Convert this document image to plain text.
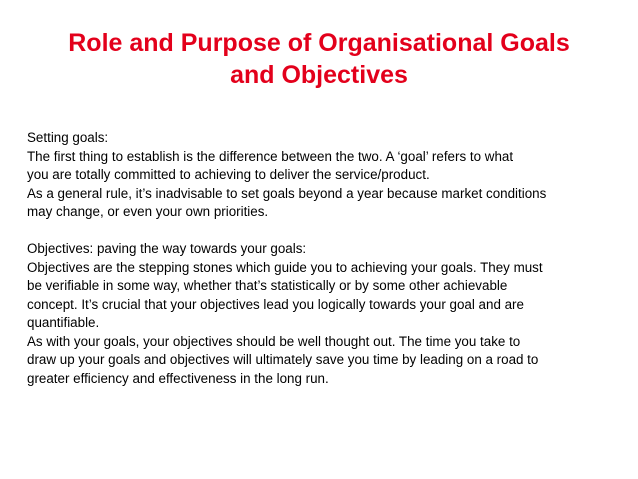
Role and Purpose of Organisational Goals
and Objectives

Setting goals:

The first thing to establish is the difference between the two. A ‘goal’ refers to what

you are totally committed to achieving to deliver the service/product.

As a general rule, it’s inadvisable to set goals beyond a year because market conditions

may change, or even your own priorities.

Objectives: paving the way towards your goals:

Objectives are the stepping stones which guide you to achieving your goals. They must

be verifiable in some way, whether that’s statistically or by some other achievable

concept. It’s crucial that your objectives lead you logically towards your goal and are

quantifiable.

As with your goals, your objectives should be well thought out. The time you take to

draw up your goals and objectives will ultimately save you time by leading on a road to

greater efficiency and effectiveness in the long run.
